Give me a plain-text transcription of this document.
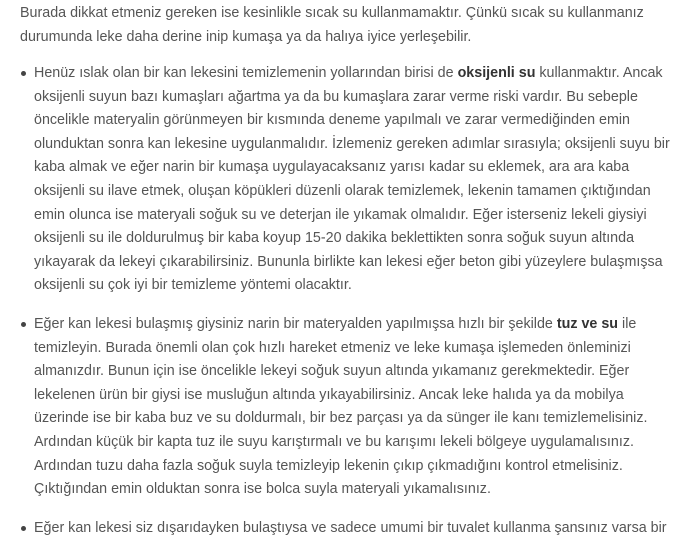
Burada dikkat etmeniz gereken ise kesinlikle sıcak su kullanmamaktır. Çünkü sıcak su kullanmanız durumunda leke daha derine inip kumaşa ya da halıya iyice yerleşebilir.

Henüz ıslak olan bir kan lekesini temizlemenin yollarından birisi de oksijenli su kullanmaktır. Ancak oksijenli suyun bazı kumaşları ağartma ya da bu kumaşlara zarar verme riski vardır. Bu sebeple öncelikle materyalin görünmeyen bir kısmında deneme yapılmalı ve zarar vermediğinden emin olunduktan sonra kan lekesine uygulanmalıdır. İzlemeniz gereken adımlar sırasıyla; oksijenli suyu bir kaba almak ve eğer narin bir kumaşa uygulayacaksanız yarısı kadar su eklemek, ara ara kaba oksijenli su ilave etmek, oluşan köpükleri düzenli olarak temizlemek, lekenin tamamen çıktığından emin olunca ise materyali soğuk su ve deterjan ile yıkamak olmalıdır. Eğer isterseniz lekeli giysiyi oksijenli su ile doldurulmuş bir kaba koyup 15-20 dakika beklettikten sonra soğuk suyun altında yıkayarak da lekeyi çıkarabilirsiniz. Bununla birlikte kan lekesi eğer beton gibi yüzeylere bulaşmışsa oksijenli su çok iyi bir temizleme yöntemi olacaktır.

Eğer kan lekesi bulaşmış giysiniz narin bir materyalden yapılmışsa hızlı bir şekilde tuz ve su ile temizleyin. Burada önemli olan çok hızlı hareket etmeniz ve leke kumaşa işlemeden önleminizi almanızdır. Bunun için ise öncelikle lekeyi soğuk suyun altında yıkamanız gerekmektedir. Eğer lekelenen ürün bir giysi ise musluğun altında yıkayabilirsiniz. Ancak leke halıda ya da mobilya üzerinde ise bir kaba buz ve su doldurmalı, bir bez parçası ya da sünger ile kanı temizlemelisiniz. Ardından küçük bir kapta tuz ile suyu karıştırmalı ve bu karışımı lekeli bölgeye uygulamalısınız. Ardından tuzu daha fazla soğuk suyla temizleyip lekenin çıkıp çıkmadığını kontrol etmelisiniz. Çıktığından emin olduktan sonra ise bolca suyla materyali yıkamalısınız.

Eğer kan lekesi siz dışarıdayken bulaştıysa ve sadece umumi bir tuvalet kullanma şansınız varsa bir
